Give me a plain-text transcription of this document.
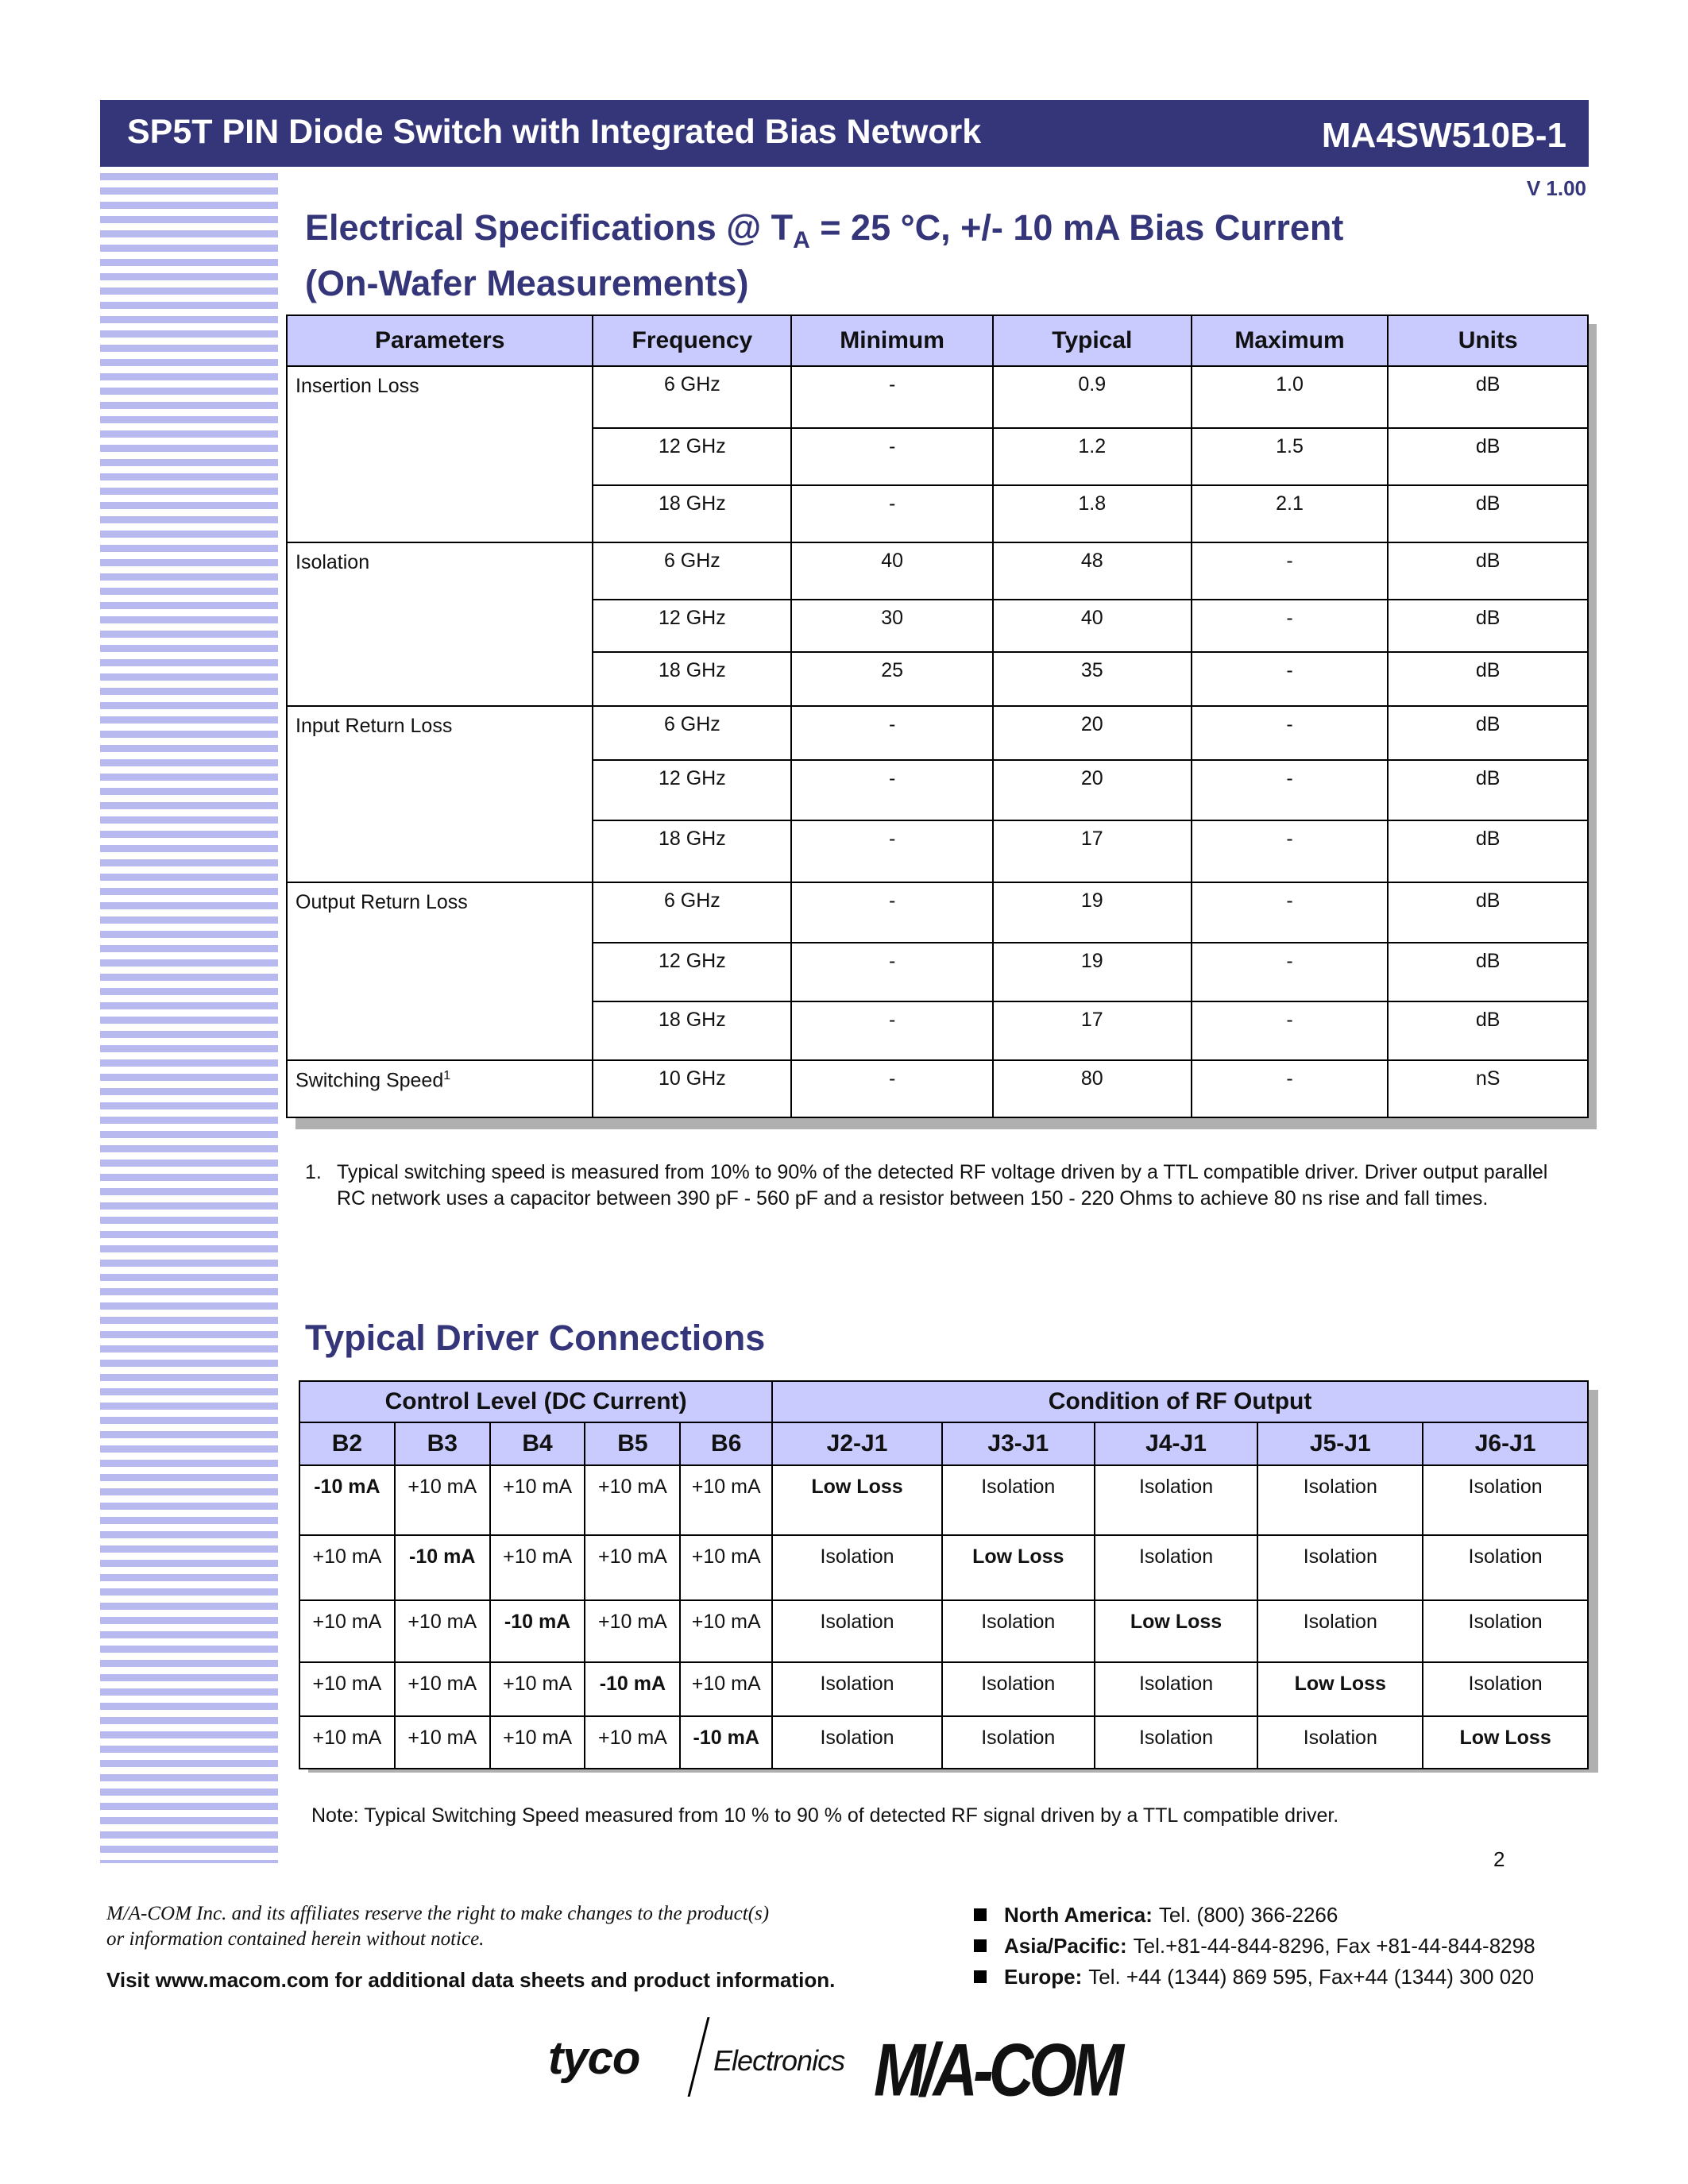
SP5T PIN Diode Switch with Integrated Bias Network	MA4SW510B-1
V 1.00
Electrical Specifications @ $T_A = 25$ °C, +/- 10 mA Bias Current
(On-Wafer Measurements)
Parameters	Frequency	Minimum	Typical	Maximum	Units
Insertion Loss	6 GHz	-	0.9	1.0	dB
	12 GHz	-	1.2	1.5	dB
	18 GHz	-	1.8	2.1	dB
Isolation	6 GHz	40	48	-	dB
	12 GHz	30	40	-	dB
	18 GHz	25	35	-	dB
Input Return Loss	6 GHz	-	20	-	dB
	12 GHz	-	20	-	dB
	18 GHz	-	17	-	dB
Output Return Loss	6 GHz	-	19	-	dB
	12 GHz	-	19	-	dB
	18 GHz	-	17	-	dB
Switching Speed$^1$	10 GHz	-	80	-	nS
1. Typical switching speed is measured from 10% to 90% of the detected RF voltage driven by a TTL compatible driver. Driver output parallel RC network uses a capacitor between 390 pF - 560 pF and a resistor between 150 - 220 Ohms to achieve 80 ns rise and fall times.
Typical Driver Connections
Control Level (DC Current)					Condition of RF Output				
B2	B3	B4	B5	B6	J2-J1	J3-J1	J4-J1	J5-J1	J6-J1
-10 mA	+10 mA	+10 mA	+10 mA	+10 mA	Low Loss	Isolation	Isolation	Isolation	Isolation
+10 mA	-10 mA	+10 mA	+10 mA	+10 mA	Isolation	Low Loss	Isolation	Isolation	Isolation
+10 mA	+10 mA	-10 mA	+10 mA	+10 mA	Isolation	Isolation	Low Loss	Isolation	Isolation
+10 mA	+10 mA	+10 mA	-10 mA	+10 mA	Isolation	Isolation	Isolation	Low Loss	Isolation
+10 mA	+10 mA	+10 mA	+10 mA	-10 mA	Isolation	Isolation	Isolation	Isolation	Low Loss
Note: Typical Switching Speed measured from 10 % to 90 % of detected RF signal driven by a TTL compatible driver.
2
M/A-COM Inc. and its affiliates reserve the right to make changes to the product(s)
or information contained herein without notice.
Visit www.macom.com for additional data sheets and product information.
North America: Tel. (800) 366-2266
Asia/Pacific: Tel.+81-44-844-8296, Fax +81-44-844-8298
Europe: Tel. +44 (1344) 869 595, Fax+44 (1344) 300 020
tyco	Electronics M/A-COM
